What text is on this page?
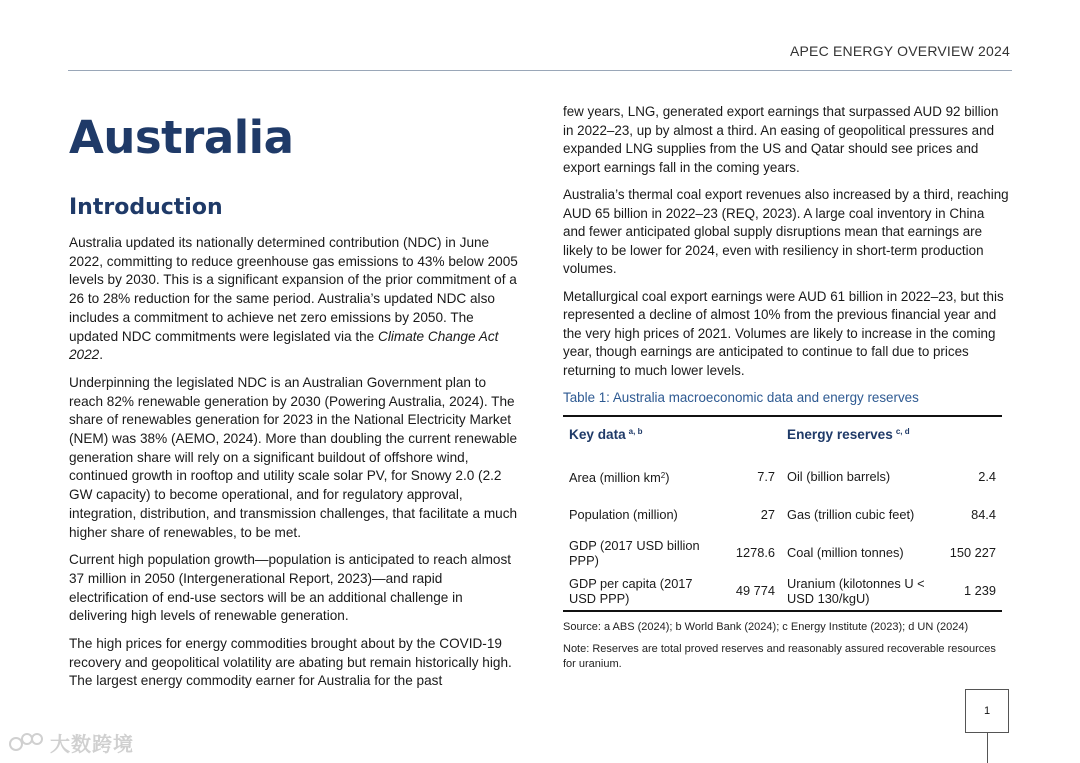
APEC ENERGY OVERVIEW 2024
Australia
Introduction

Australia updated its nationally determined contribution (NDC) in June 2022, committing to reduce greenhouse gas emissions to 43% below 2005 levels by 2030. This is a significant expansion of the prior commitment of a 26 to 28% reduction for the same period. Australia’s updated NDC also includes a commitment to achieve net zero emissions by 2050. The updated NDC commitments were legislated via the Climate Change Act 2022.

Underpinning the legislated NDC is an Australian Government plan to reach 82% renewable generation by 2030 (Powering Australia, 2024). The share of renewables generation for 2023 in the National Electricity Market (NEM) was 38% (AEMO, 2024). More than doubling the current renewable generation share will rely on a significant buildout of offshore wind, continued growth in rooftop and utility scale solar PV, for Snowy 2.0 (2.2 GW capacity) to become operational, and for regulatory approval, integration, distribution, and transmission challenges, that facilitate a much higher share of renewables, to be met.

Current high population growth—population is anticipated to reach almost 37 million in 2050 (Intergenerational Report, 2023)—and rapid electrification of end-use sectors will be an additional challenge in delivering high levels of renewable generation.

The high prices for energy commodities brought about by the COVID-19 recovery and geopolitical volatility are abating but remain historically high. The largest energy commodity earner for Australia for the past

few years, LNG, generated export earnings that surpassed AUD 92 billion in 2022–23, up by almost a third. An easing of geopolitical pressures and expanded LNG supplies from the US and Qatar should see prices and export earnings fall in the coming years.

Australia’s thermal coal export revenues also increased by a third, reaching AUD 65 billion in 2022–23 (REQ, 2023). A large coal inventory in China and fewer anticipated global supply disruptions mean that earnings are likely to be lower for 2024, even with resiliency in short-term production volumes.

Metallurgical coal export earnings were AUD 61 billion in 2022–23, but this represented a decline of almost 10% from the previous financial year and the very high prices of 2021. Volumes are likely to increase in the coming year, though earnings are anticipated to continue to fall due to prices returning to much lower levels.

Table 1: Australia macroeconomic data and energy reserves
Key data $^{a, b}$		Energy reserves $^{c, d}$
Area (million $km^2$)	7.7	Oil (billion barrels)	2.4
Population (million)	27	Gas (trillion cubic feet)	84.4
GDP (2017 USD billion PPP)	1278.6	Coal (million tonnes)	150 227
GDP per capita (2017 USD PPP)	49 774	Uranium (kilotonnes U < USD 130/kgU)	1 239

Source: a ABS (2024); b World Bank (2024); c Energy Institute (2023); d UN (2024)

Note: Reserves are total proved reserves and reasonably assured recoverable resources for uranium.

1
大数跨境
